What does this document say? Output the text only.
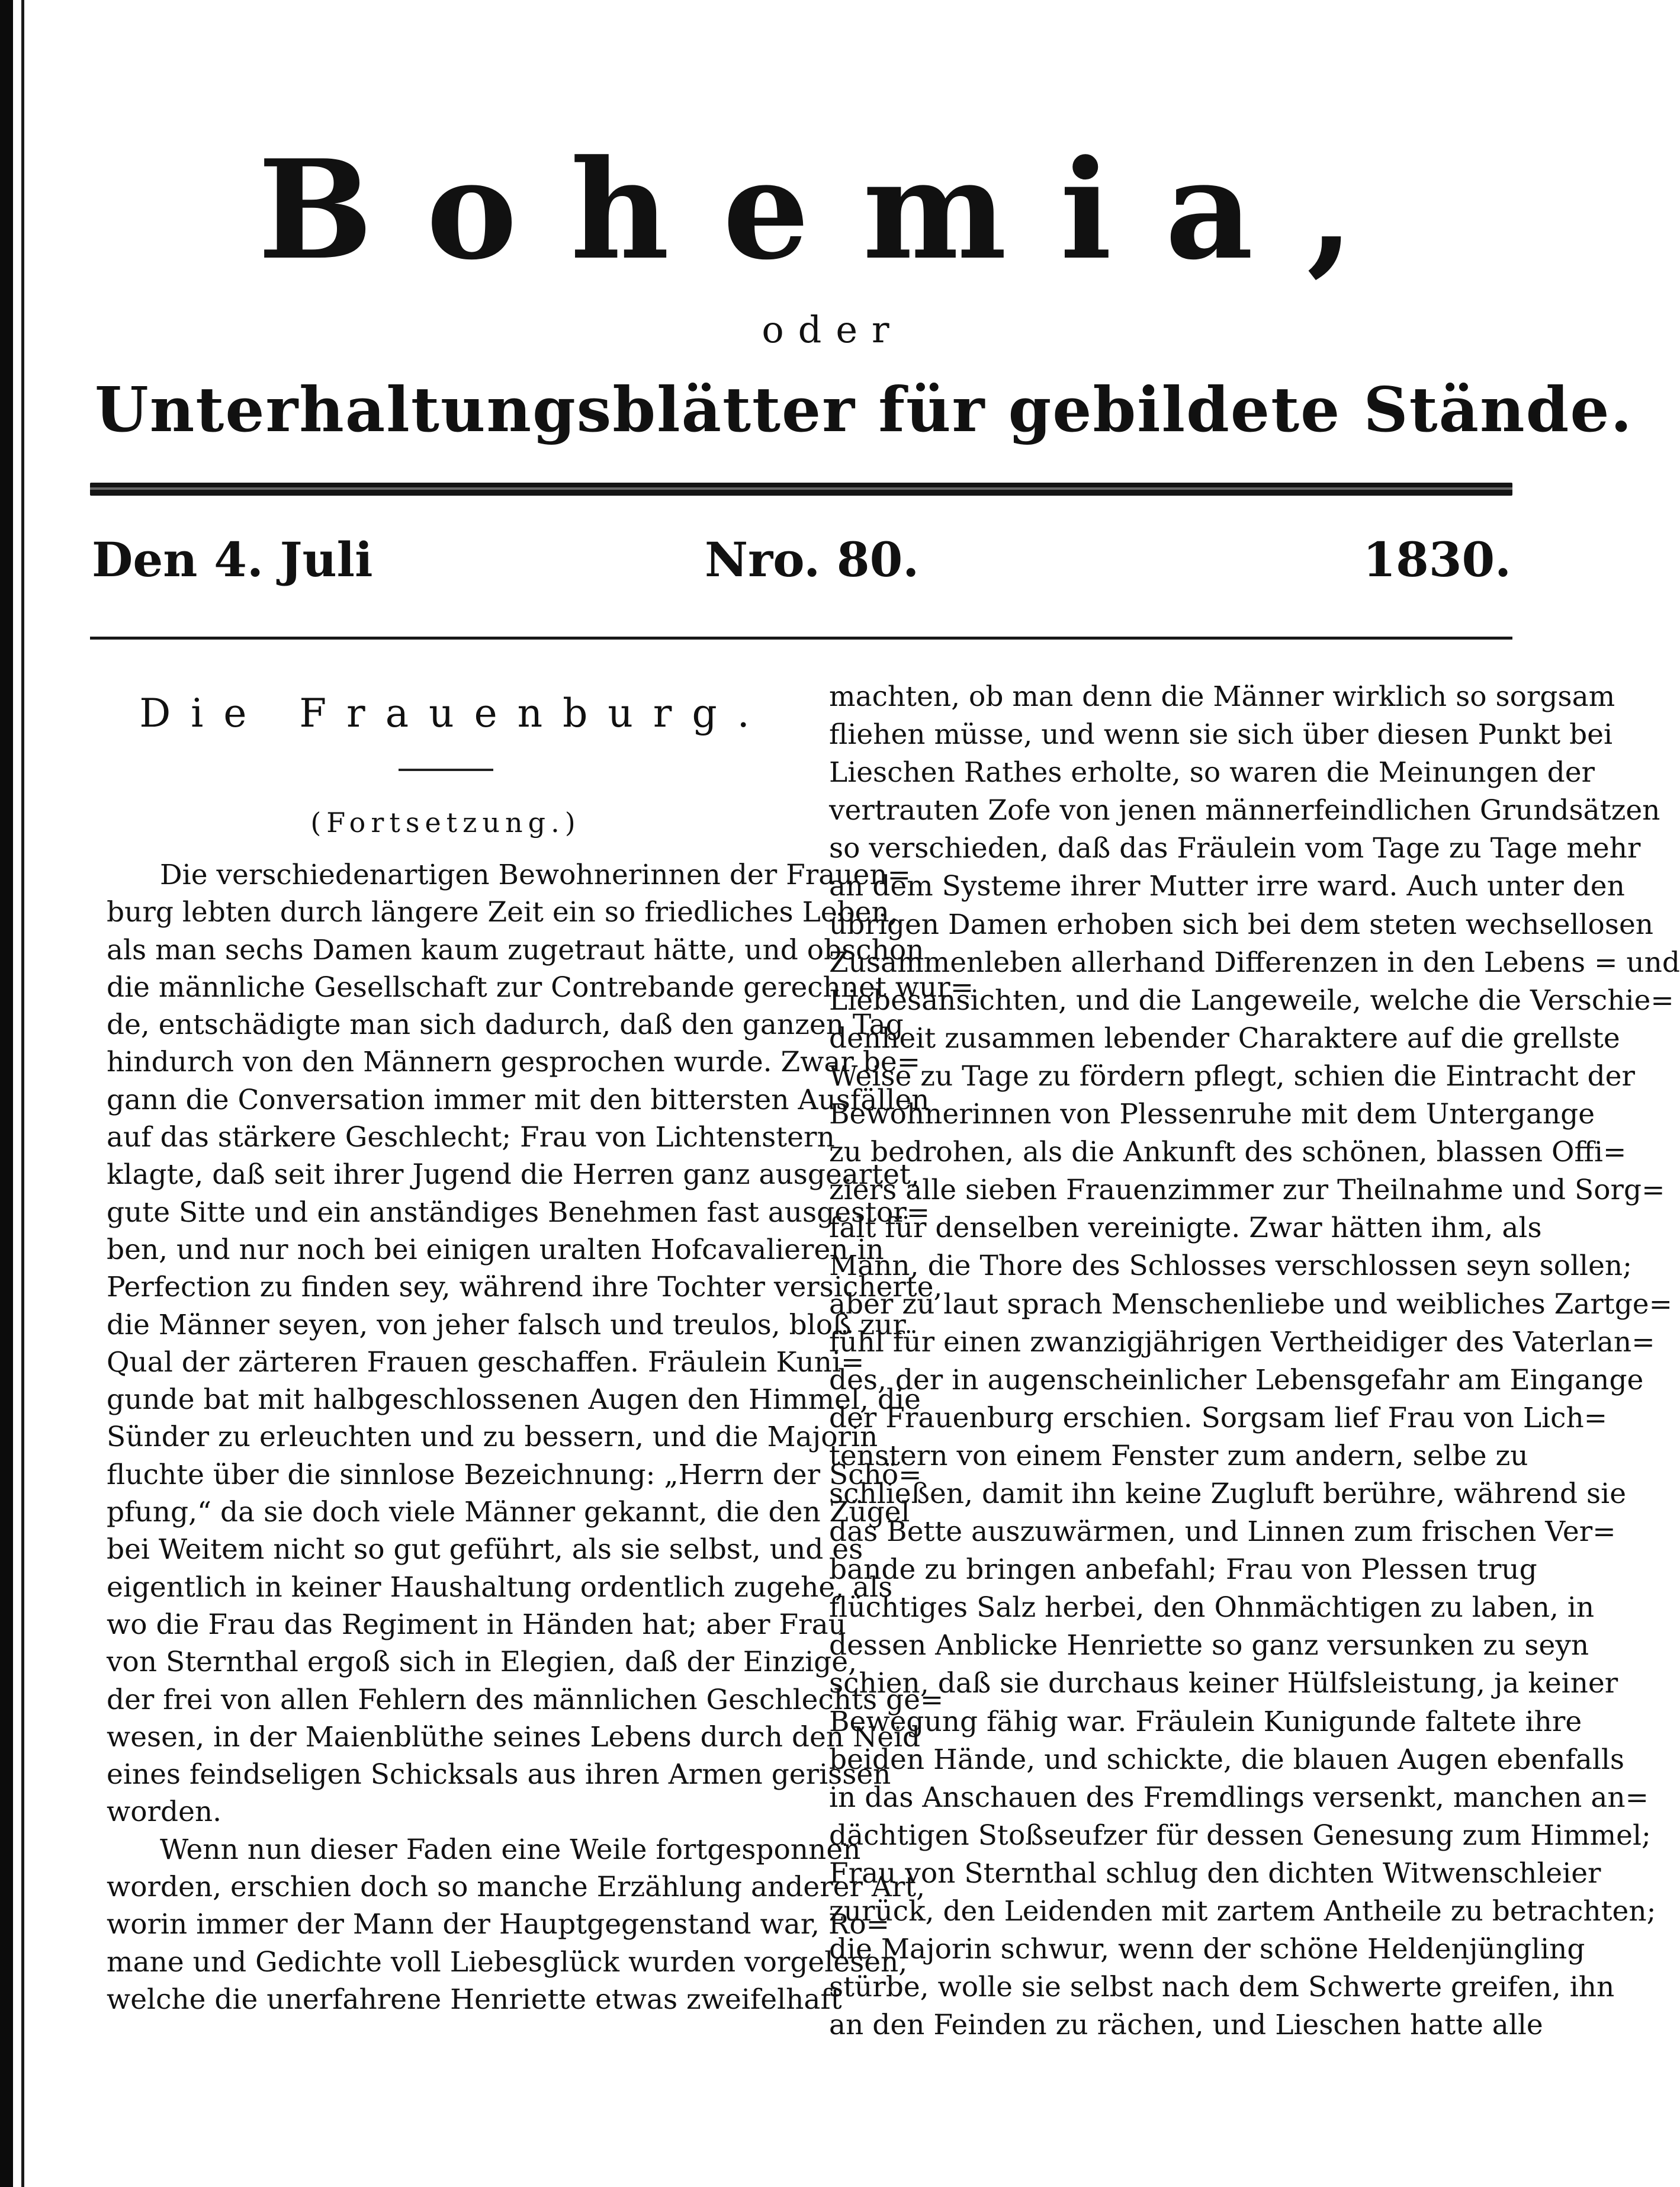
Bohemia,
oder
Unterhaltungsblätter für gebildete Stände.
Den 4. Juli	Nro. 80.	1830.
Die Frauenburg.
(Fortsetzung.)
Die verschiedenartigen Bewohnerinnen der Frauen=
burg lebten durch längere Zeit ein so friedliches Leben,
als man sechs Damen kaum zugetraut hätte, und obschon
die männliche Gesellschaft zur Contrebande gerechnet wur=
de, entschädigte man sich dadurch, daß den ganzen Tag
hindurch von den Männern gesprochen wurde. Zwar be=
gann die Conversation immer mit den bittersten Ausfällen
auf das stärkere Geschlecht; Frau von Lichtenstern
klagte, daß seit ihrer Jugend die Herren ganz ausgeartet,
gute Sitte und ein anständiges Benehmen fast ausgestor=
ben, und nur noch bei einigen uralten Hofcavalieren in
Perfection zu finden sey, während ihre Tochter versicherte,
die Männer seyen, von jeher falsch und treulos, bloß zur
Qual der zärteren Frauen geschaffen. Fräulein Kuni=
gunde bat mit halbgeschlossenen Augen den Himmel, die
Sünder zu erleuchten und zu bessern, und die Majorin
fluchte über die sinnlose Bezeichnung: „Herrn der Schö=
pfung,“ da sie doch viele Männer gekannt, die den Zügel
bei Weitem nicht so gut geführt, als sie selbst, und es
eigentlich in keiner Haushaltung ordentlich zugehe, als
wo die Frau das Regiment in Händen hat; aber Frau
von Sternthal ergoß sich in Elegien, daß der Einzige,
der frei von allen Fehlern des männlichen Geschlechts ge=
wesen, in der Maienblüthe seines Lebens durch den Neid
eines feindseligen Schicksals aus ihren Armen gerissen
worden.
Wenn nun dieser Faden eine Weile fortgesponnen
worden, erschien doch so manche Erzählung anderer Art,
worin immer der Mann der Hauptgegenstand war, Ro=
mane und Gedichte voll Liebesglück wurden vorgelesen,
welche die unerfahrene Henriette etwas zweifelhaft
machten, ob man denn die Männer wirklich so sorgsam
fliehen müsse, und wenn sie sich über diesen Punkt bei
Lieschen Rathes erholte, so waren die Meinungen der
vertrauten Zofe von jenen männerfeindlichen Grundsätzen
so verschieden, daß das Fräulein vom Tage zu Tage mehr
an dem Systeme ihrer Mutter irre ward. Auch unter den
übrigen Damen erhoben sich bei dem steten wechsellosen
Zusammenleben allerhand Differenzen in den Lebens = und
Liebesansichten, und die Langeweile, welche die Verschie=
denheit zusammen lebender Charaktere auf die grellste
Weise zu Tage zu fördern pflegt, schien die Eintracht der
Bewohnerinnen von Plessenruhe mit dem Untergange
zu bedrohen, als die Ankunft des schönen, blassen Offi=
ziers alle sieben Frauenzimmer zur Theilnahme und Sorg=
falt für denselben vereinigte. Zwar hätten ihm, als
Mann, die Thore des Schlosses verschlossen seyn sollen;
aber zu laut sprach Menschenliebe und weibliches Zartge=
fühl für einen zwanzigjährigen Vertheidiger des Vaterlan=
des, der in augenscheinlicher Lebensgefahr am Eingange
der Frauenburg erschien. Sorgsam lief Frau von Lich=
tenstern von einem Fenster zum andern, selbe zu
schließen, damit ihn keine Zugluft berühre, während sie
das Bette auszuwärmen, und Linnen zum frischen Ver=
bande zu bringen anbefahl; Frau von Plessen trug
flüchtiges Salz herbei, den Ohnmächtigen zu laben, in
dessen Anblicke Henriette so ganz versunken zu seyn
schien, daß sie durchaus keiner Hülfsleistung, ja keiner
Bewegung fähig war. Fräulein Kunigunde faltete ihre
beiden Hände, und schickte, die blauen Augen ebenfalls
in das Anschauen des Fremdlings versenkt, manchen an=
dächtigen Stoßseufzer für dessen Genesung zum Himmel;
Frau von Sternthal schlug den dichten Witwenschleier
zurück, den Leidenden mit zartem Antheile zu betrachten;
die Majorin schwur, wenn der schöne Heldenjüngling
stürbe, wolle sie selbst nach dem Schwerte greifen, ihn
an den Feinden zu rächen, und Lieschen hatte alle
